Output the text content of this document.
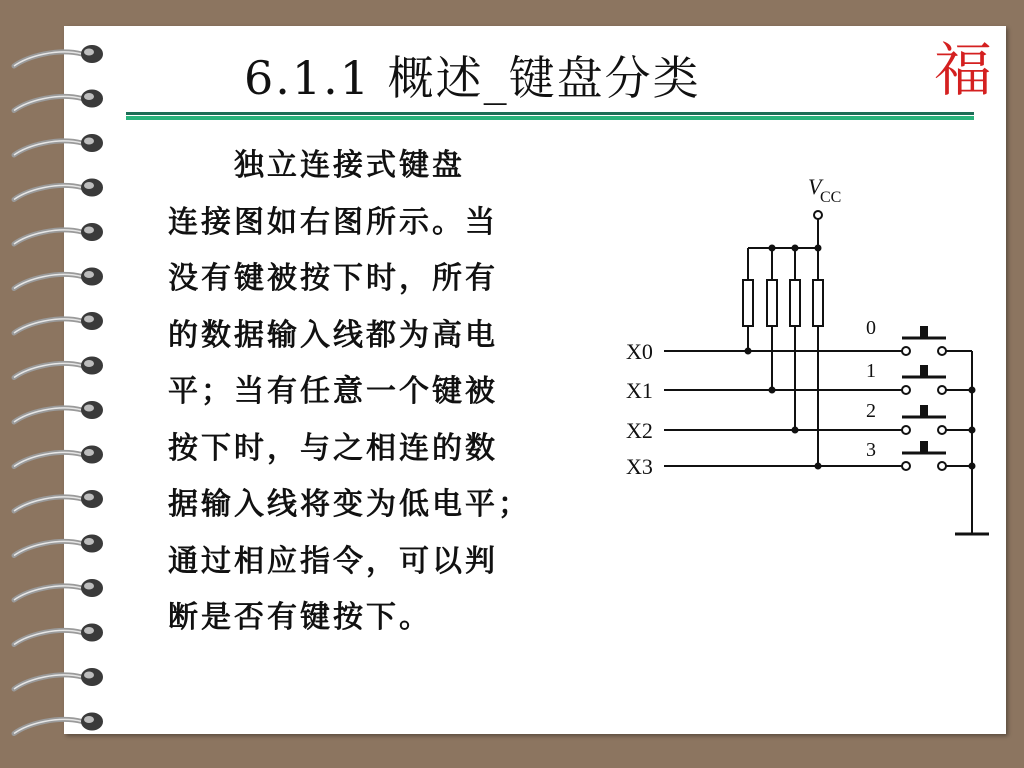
6.1.1 概述_键盘分类	福
　　独立连接式键盘
连接图如右图所示。当
没有键被按下时，所有
的数据输入线都为高电
平；当有任意一个键被
按下时，与之相连的数
据输入线将变为低电平；
通过相应指令，可以判
断是否有键按下。
V
CC
X0
X1
X2
X3
0
1
2
3
